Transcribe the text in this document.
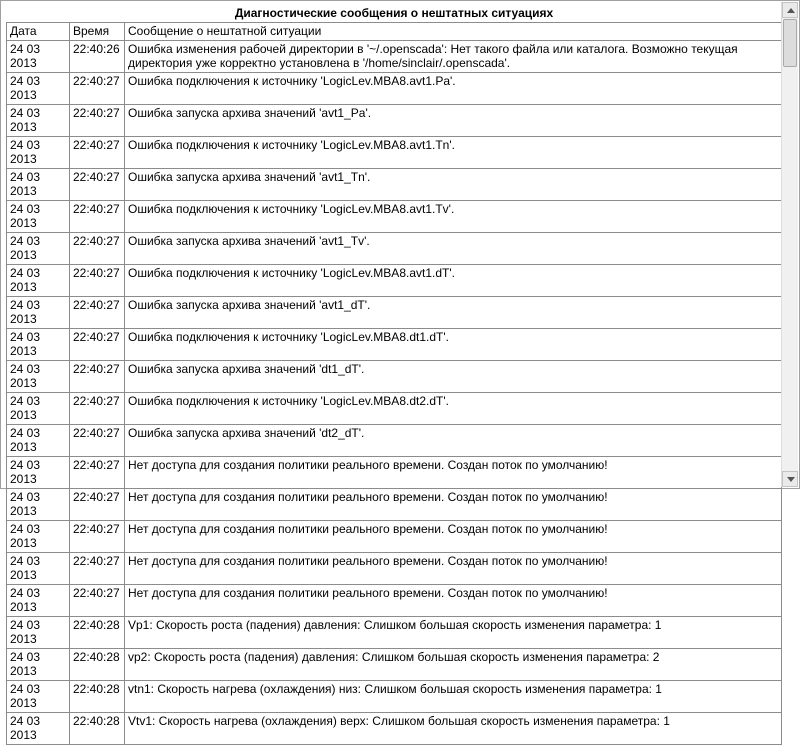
Диагностические сообщения о нештатных ситуациях
Дата	Время	Сообщение о нештатной ситуации
24 03 2013	22:40:26	Ошибка изменения рабочей директории в '~/.openscada': Нет такого файла или каталога. Возможно текущая директория уже корректно установлена в '/home/sinclair/.openscada'.
24 03 2013	22:40:27	Ошибка подключения к источнику 'LogicLev.MBA8.avt1.Pa'.
24 03 2013	22:40:27	Ошибка запуска архива значений 'avt1_Pa'.
24 03 2013	22:40:27	Ошибка подключения к источнику 'LogicLev.MBA8.avt1.Tn'.
24 03 2013	22:40:27	Ошибка запуска архива значений 'avt1_Tn'.
24 03 2013	22:40:27	Ошибка подключения к источнику 'LogicLev.MBA8.avt1.Tv'.
24 03 2013	22:40:27	Ошибка запуска архива значений 'avt1_Tv'.
24 03 2013	22:40:27	Ошибка подключения к источнику 'LogicLev.MBA8.avt1.dT'.
24 03 2013	22:40:27	Ошибка запуска архива значений 'avt1_dT'.
24 03 2013	22:40:27	Ошибка подключения к источнику 'LogicLev.MBA8.dt1.dT'.
24 03 2013	22:40:27	Ошибка запуска архива значений 'dt1_dT'.
24 03 2013	22:40:27	Ошибка подключения к источнику 'LogicLev.MBA8.dt2.dT'.
24 03 2013	22:40:27	Ошибка запуска архива значений 'dt2_dT'.
24 03 2013	22:40:27	Нет доступа для создания политики реального времени. Создан поток по умолчанию!
24 03 2013	22:40:27	Нет доступа для создания политики реального времени. Создан поток по умолчанию!
24 03 2013	22:40:27	Нет доступа для создания политики реального времени. Создан поток по умолчанию!
24 03 2013	22:40:27	Нет доступа для создания политики реального времени. Создан поток по умолчанию!
24 03 2013	22:40:27	Нет доступа для создания политики реального времени. Создан поток по умолчанию!
24 03 2013	22:40:28	Vp1: Скорость роста (падения) давления: Слишком большая скорость изменения параметра: 1
24 03 2013	22:40:28	vp2: Скорость роста (падения) давления: Слишком большая скорость изменения параметра: 2
24 03 2013	22:40:28	vtn1: Скорость нагрева (охлаждения) низ: Слишком большая скорость изменения параметра: 1
24 03 2013	22:40:28	Vtv1: Скорость нагрева (охлаждения) верх: Слишком большая скорость изменения параметра: 1
